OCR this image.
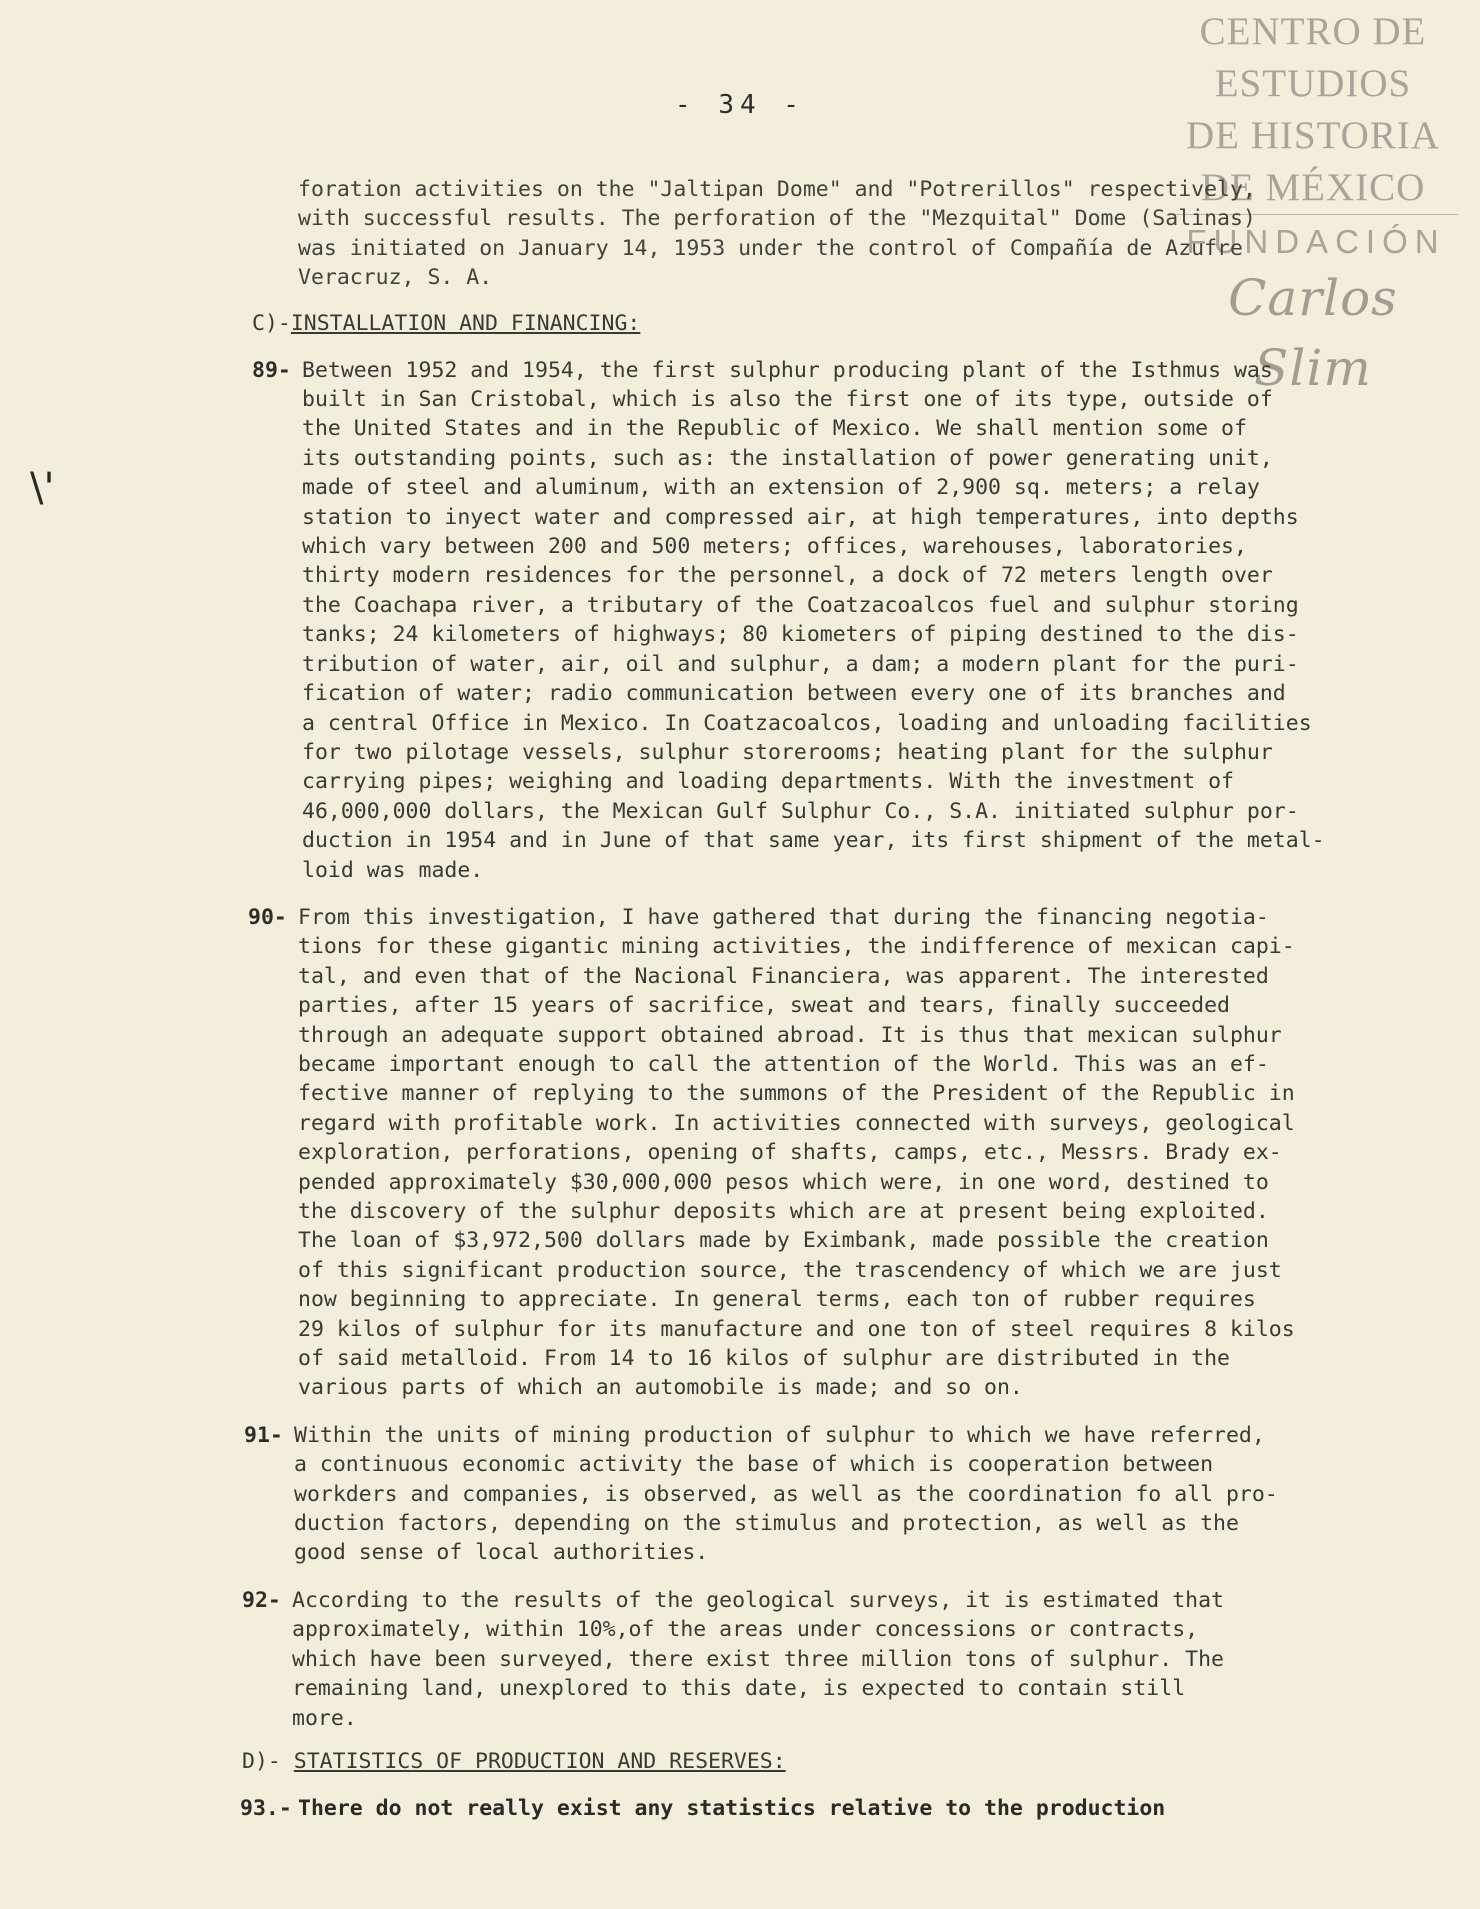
- 34 -
CENTRO DE
ESTUDIOS
DE HISTORIA
DE MÉXICO
FUNDACIÓN
Carlos Slim
\'

foration activities on the "Jaltipan Dome" and "Potrerillos" respectively,
with successful results. The perforation of the "Mezquital" Dome (Salinas)
was initiated on January 14, 1953 under the control of Compañía de Azufre
Veracruz, S. A.

C)-INSTALLATION AND FINANCING:

89- Between 1952 and 1954, the first sulphur producing plant of the Isthmus was
built in San Cristobal, which is also the first one of its type, outside of
the United States and in the Republic of Mexico. We shall mention some of
its outstanding points, such as: the installation of power generating unit,
made of steel and aluminum, with an extension of 2,900 sq. meters; a relay
station to inyect water and compressed air, at high temperatures, into depths
which vary between 200 and 500 meters; offices, warehouses, laboratories,
thirty modern residences for the personnel, a dock of 72 meters length over
the Coachapa river, a tributary of the Coatzacoalcos fuel and sulphur storing
tanks; 24 kilometers of highways; 80 kiometers of piping destined to the dis-
tribution of water, air, oil and sulphur, a dam; a modern plant for the puri-
fication of water; radio communication between every one of its branches and
a central Office in Mexico. In Coatzacoalcos, loading and unloading facilities
for two pilotage vessels, sulphur storerooms; heating plant for the sulphur
carrying pipes; weighing and loading departments. With the investment of
46,000,000 dollars, the Mexican Gulf Sulphur Co., S.A. initiated sulphur por-
duction in 1954 and in June of that same year, its first shipment of the metal-
loid was made.
90- From this investigation, I have gathered that during the financing negotia-
tions for these gigantic mining activities, the indifference of mexican capi-
tal, and even that of the Nacional Financiera, was apparent. The interested
parties, after 15 years of sacrifice, sweat and tears, finally succeeded
through an adequate support obtained abroad. It is thus that mexican sulphur
became important enough to call the attention of the World. This was an ef-
fective manner of replying to the summons of the President of the Republic in
regard with profitable work. In activities connected with surveys, geological
exploration, perforations, opening of shafts, camps, etc., Messrs. Brady ex-
pended approximately $30,000,000 pesos which were, in one word, destined to
the discovery of the sulphur deposits which are at present being exploited.
The loan of $3,972,500 dollars made by Eximbank, made possible the creation
of this significant production source, the trascendency of which we are just
now beginning to appreciate. In general terms, each ton of rubber requires
29 kilos of sulphur for its manufacture and one ton of steel requires 8 kilos
of said metalloid. From 14 to 16 kilos of sulphur are distributed in the
various parts of which an automobile is made; and so on.
91- Within the units of mining production of sulphur to which we have referred,
a continuous economic activity the base of which is cooperation between
workders and companies, is observed, as well as the coordination fo all pro-
duction factors, depending on the stimulus and protection, as well as the
good sense of local authorities.
92- According to the results of the geological surveys, it is estimated that
approximately, within 10%,of the areas under concessions or contracts,
which have been surveyed, there exist three million tons of sulphur. The
remaining land, unexplored to this date, is expected to contain still
more.

D)- STATISTICS OF PRODUCTION AND RESERVES:

93.- There do not really exist any statistics relative to the production
